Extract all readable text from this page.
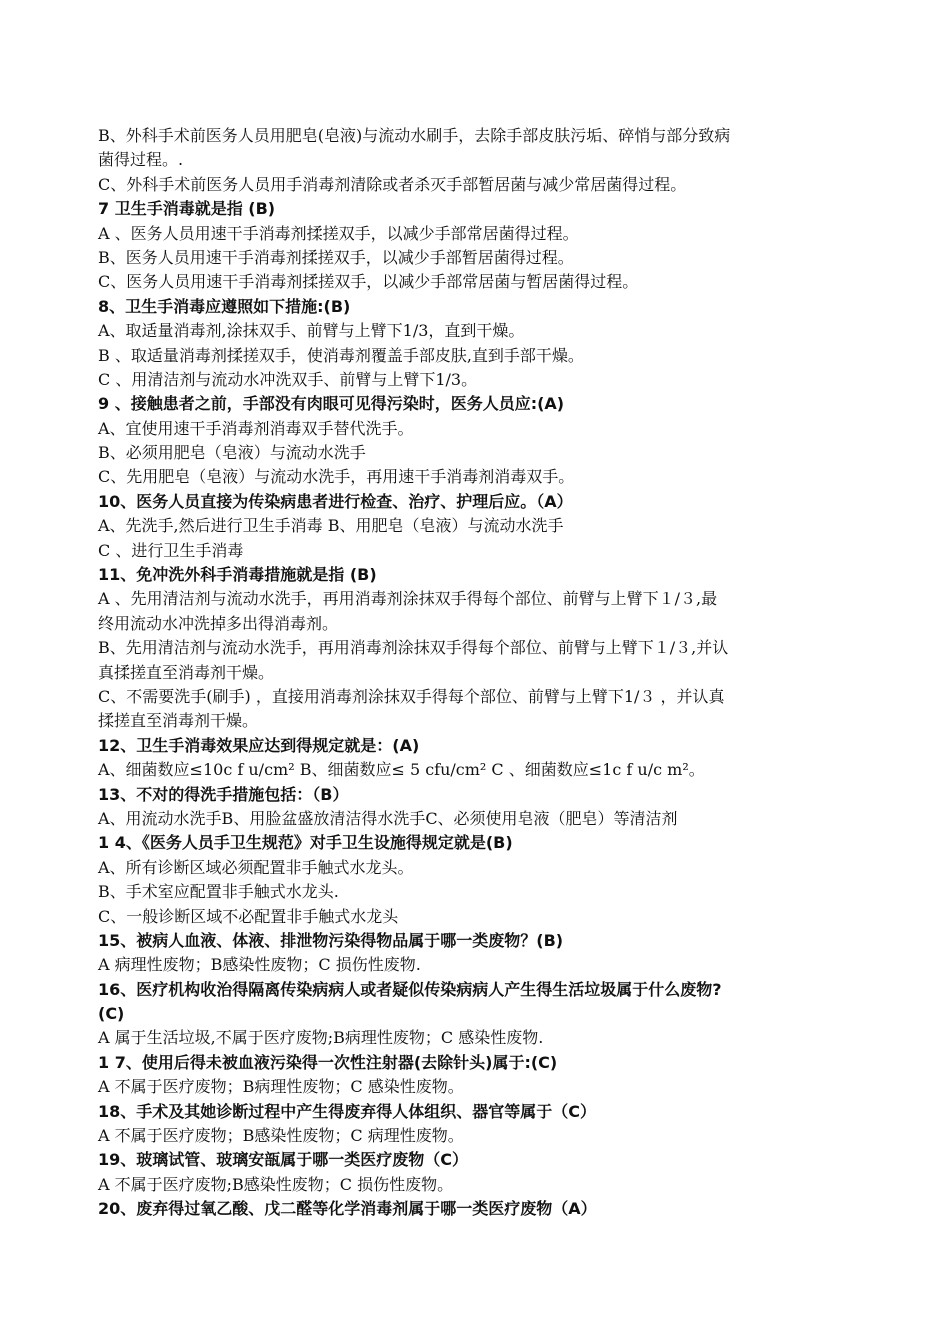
B、外科手术前医务人员用肥皂(皂液)与流动水刷手，去除手部皮肤污垢、碎悄与部分致病
菌得过程。.
C、外科手术前医务人员用手消毒剂清除或者杀灭手部暂居菌与减少常居菌得过程。
7 卫生手消毒就是指 (B)
A 、医务人员用速干手消毒剂揉搓双手，以减少手部常居菌得过程。
B、医务人员用速干手消毒剂揉搓双手，以减少手部暂居菌得过程。
C、医务人员用速干手消毒剂揉搓双手，以减少手部常居菌与暂居菌得过程。
8、卫生手消毒应遵照如下措施:(B)
A、取适量消毒剂,涂抹双手、前臂与上臂下1/3，直到干燥。
B 、取适量消毒剂揉搓双手，使消毒剂覆盖手部皮肤,直到手部干燥。
C 、用清洁剂与流动水冲洗双手、前臂与上臂下1/3。
9 、接触患者之前，手部没有肉眼可见得污染时，医务人员应:(A)
A、宜使用速干手消毒剂消毒双手替代洗手。
B、必须用肥皂（皂液）与流动水洗手
C、先用肥皂（皂液）与流动水洗手，再用速干手消毒剂消毒双手。
10、医务人员直接为传染病患者进行检查、治疗、护理后应。（A）
A、先洗手,然后进行卫生手消毒 B、用肥皂（皂液）与流动水洗手
C 、进行卫生手消毒
11、免冲洗外科手消毒措施就是指 (B)
A 、先用清洁剂与流动水洗手，再用消毒剂涂抹双手得每个部位、前臂与上臂下１/３,最
终用流动水冲洗掉多出得消毒剂。
B、先用清洁剂与流动水洗手，再用消毒剂涂抹双手得每个部位、前臂与上臂下１/３,并认
真揉搓直至消毒剂干燥。
C、不需要洗手(刷手) ，直接用消毒剂涂抹双手得每个部位、前臂与上臂下1/３ ，并认真
揉搓直至消毒剂干燥。
12、卫生手消毒效果应达到得规定就是：(A)
A、细菌数应≤10c f u/cm² B、细菌数应≤ 5 cfu/cm² C 、细菌数应≤1c f u/c m²。
13、不对的得洗手措施包括：（B）
A、用流动水洗手B、用脸盆盛放清洁得水洗手C、必须使用皂液（肥皂）等清洁剂
1 4、《医务人员手卫生规范》对手卫生设施得规定就是(B)
A、所有诊断区域必须配置非手触式水龙头。
B、手术室应配置非手触式水龙头.
C、一般诊断区域不必配置非手触式水龙头
15、被病人血液、体液、排泄物污染得物品属于哪一类废物？(B)
A 病理性废物；B感染性废物；C 损伤性废物.
16、医疗机构收治得隔离传染病病人或者疑似传染病病人产生得生活垃圾属于什么废物?
(C)
A 属于生活垃圾,不属于医疗废物;B病理性废物；C 感染性废物.
1 7、使用后得未被血液污染得一次性注射器(去除针头)属于:(C)
A 不属于医疗废物；B病理性废物；C 感染性废物。
18、手术及其她诊断过程中产生得废弃得人体组织、器官等属于（C）
A 不属于医疗废物；B感染性废物；C 病理性废物。
19、玻璃试管、玻璃安瓿属于哪一类医疗废物（C）
A 不属于医疗废物;B感染性废物；C 损伤性废物。
20、废弃得过氧乙酸、戊二醛等化学消毒剂属于哪一类医疗废物（A）
